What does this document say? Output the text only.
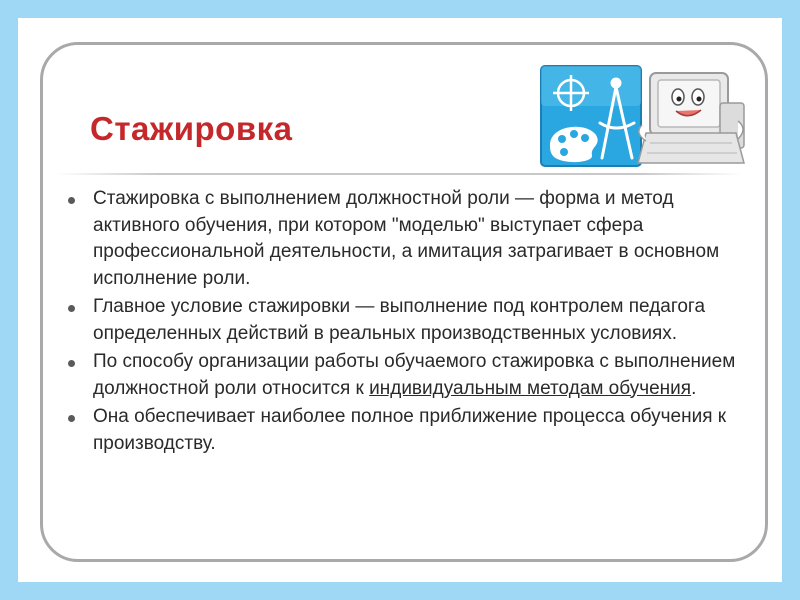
Стажировка
Стажировка с выполнением должностной роли — форма и метод активного обучения, при котором "моделью" выступает сфера профессиональной деятельности, а имитация затрагивает в основном исполнение роли.
Главное условие стажировки — выполнение под контролем педагога определенных действий в реальных производственных условиях.
По способу организации работы обучаемого стажировка с выполнением должностной роли относится к индивидуальным методам обучения.
Она обеспечивает наиболее полное приближение процесса обучения к производству.
